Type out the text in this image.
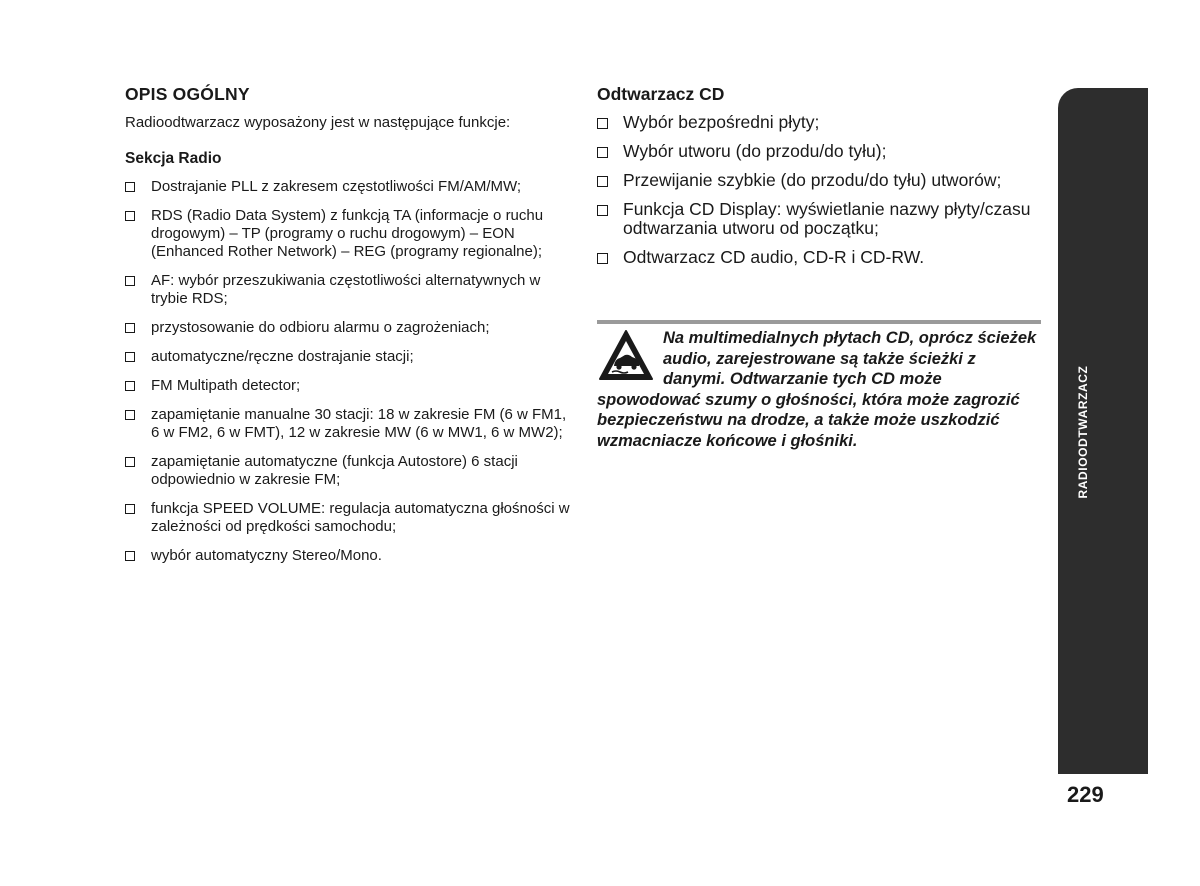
OPIS OGÓLNY
Radioodtwarzacz wyposażony jest w następujące funkcje:
Sekcja Radio
Dostrajanie PLL z zakresem częstotliwości FM/AM/MW;
RDS (Radio Data System) z funkcją TA (informacje o ruchu drogowym) – TP (programy o ruchu drogowym) – EON (Enhanced Rother Network) – REG (programy regionalne);
AF: wybór przeszukiwania częstotliwości alternatywnych w trybie RDS;
przystosowanie do odbioru alarmu o zagrożeniach;
automatyczne/ręczne dostrajanie stacji;
FM Multipath detector;
zapamiętanie manualne 30 stacji: 18 w zakresie FM (6 w FM1, 6 w FM2, 6 w FMT), 12 w zakresie MW (6 w MW1, 6 w MW2);
zapamiętanie automatyczne (funkcja Autostore) 6 stacji odpowiednio w zakresie FM;
funkcja SPEED VOLUME: regulacja automatyczna głośności w zależności od prędkości samochodu;
wybór automatyczny Stereo/Mono.
Odtwarzacz CD
Wybór bezpośredni płyty;
Wybór utworu (do przodu/do tyłu);
Przewijanie szybkie (do przodu/do tyłu) utworów;
Funkcja CD Display: wyświetlanie nazwy płyty/czasu odtwarzania utworu od początku;
Odtwarzacz CD audio, CD-R i CD-RW.

Na multimedialnych płytach CD, oprócz ścieżek audio, zarejestrowane są także ścieżki z danymi. Odtwarzanie tych CD może spowodować szumy o głośności, która może zagrozić bezpieczeństwu na drodze, a także może uszkodzić wzmacniacze końcowe i głośniki.	RADIOODTWARZACZ
229
